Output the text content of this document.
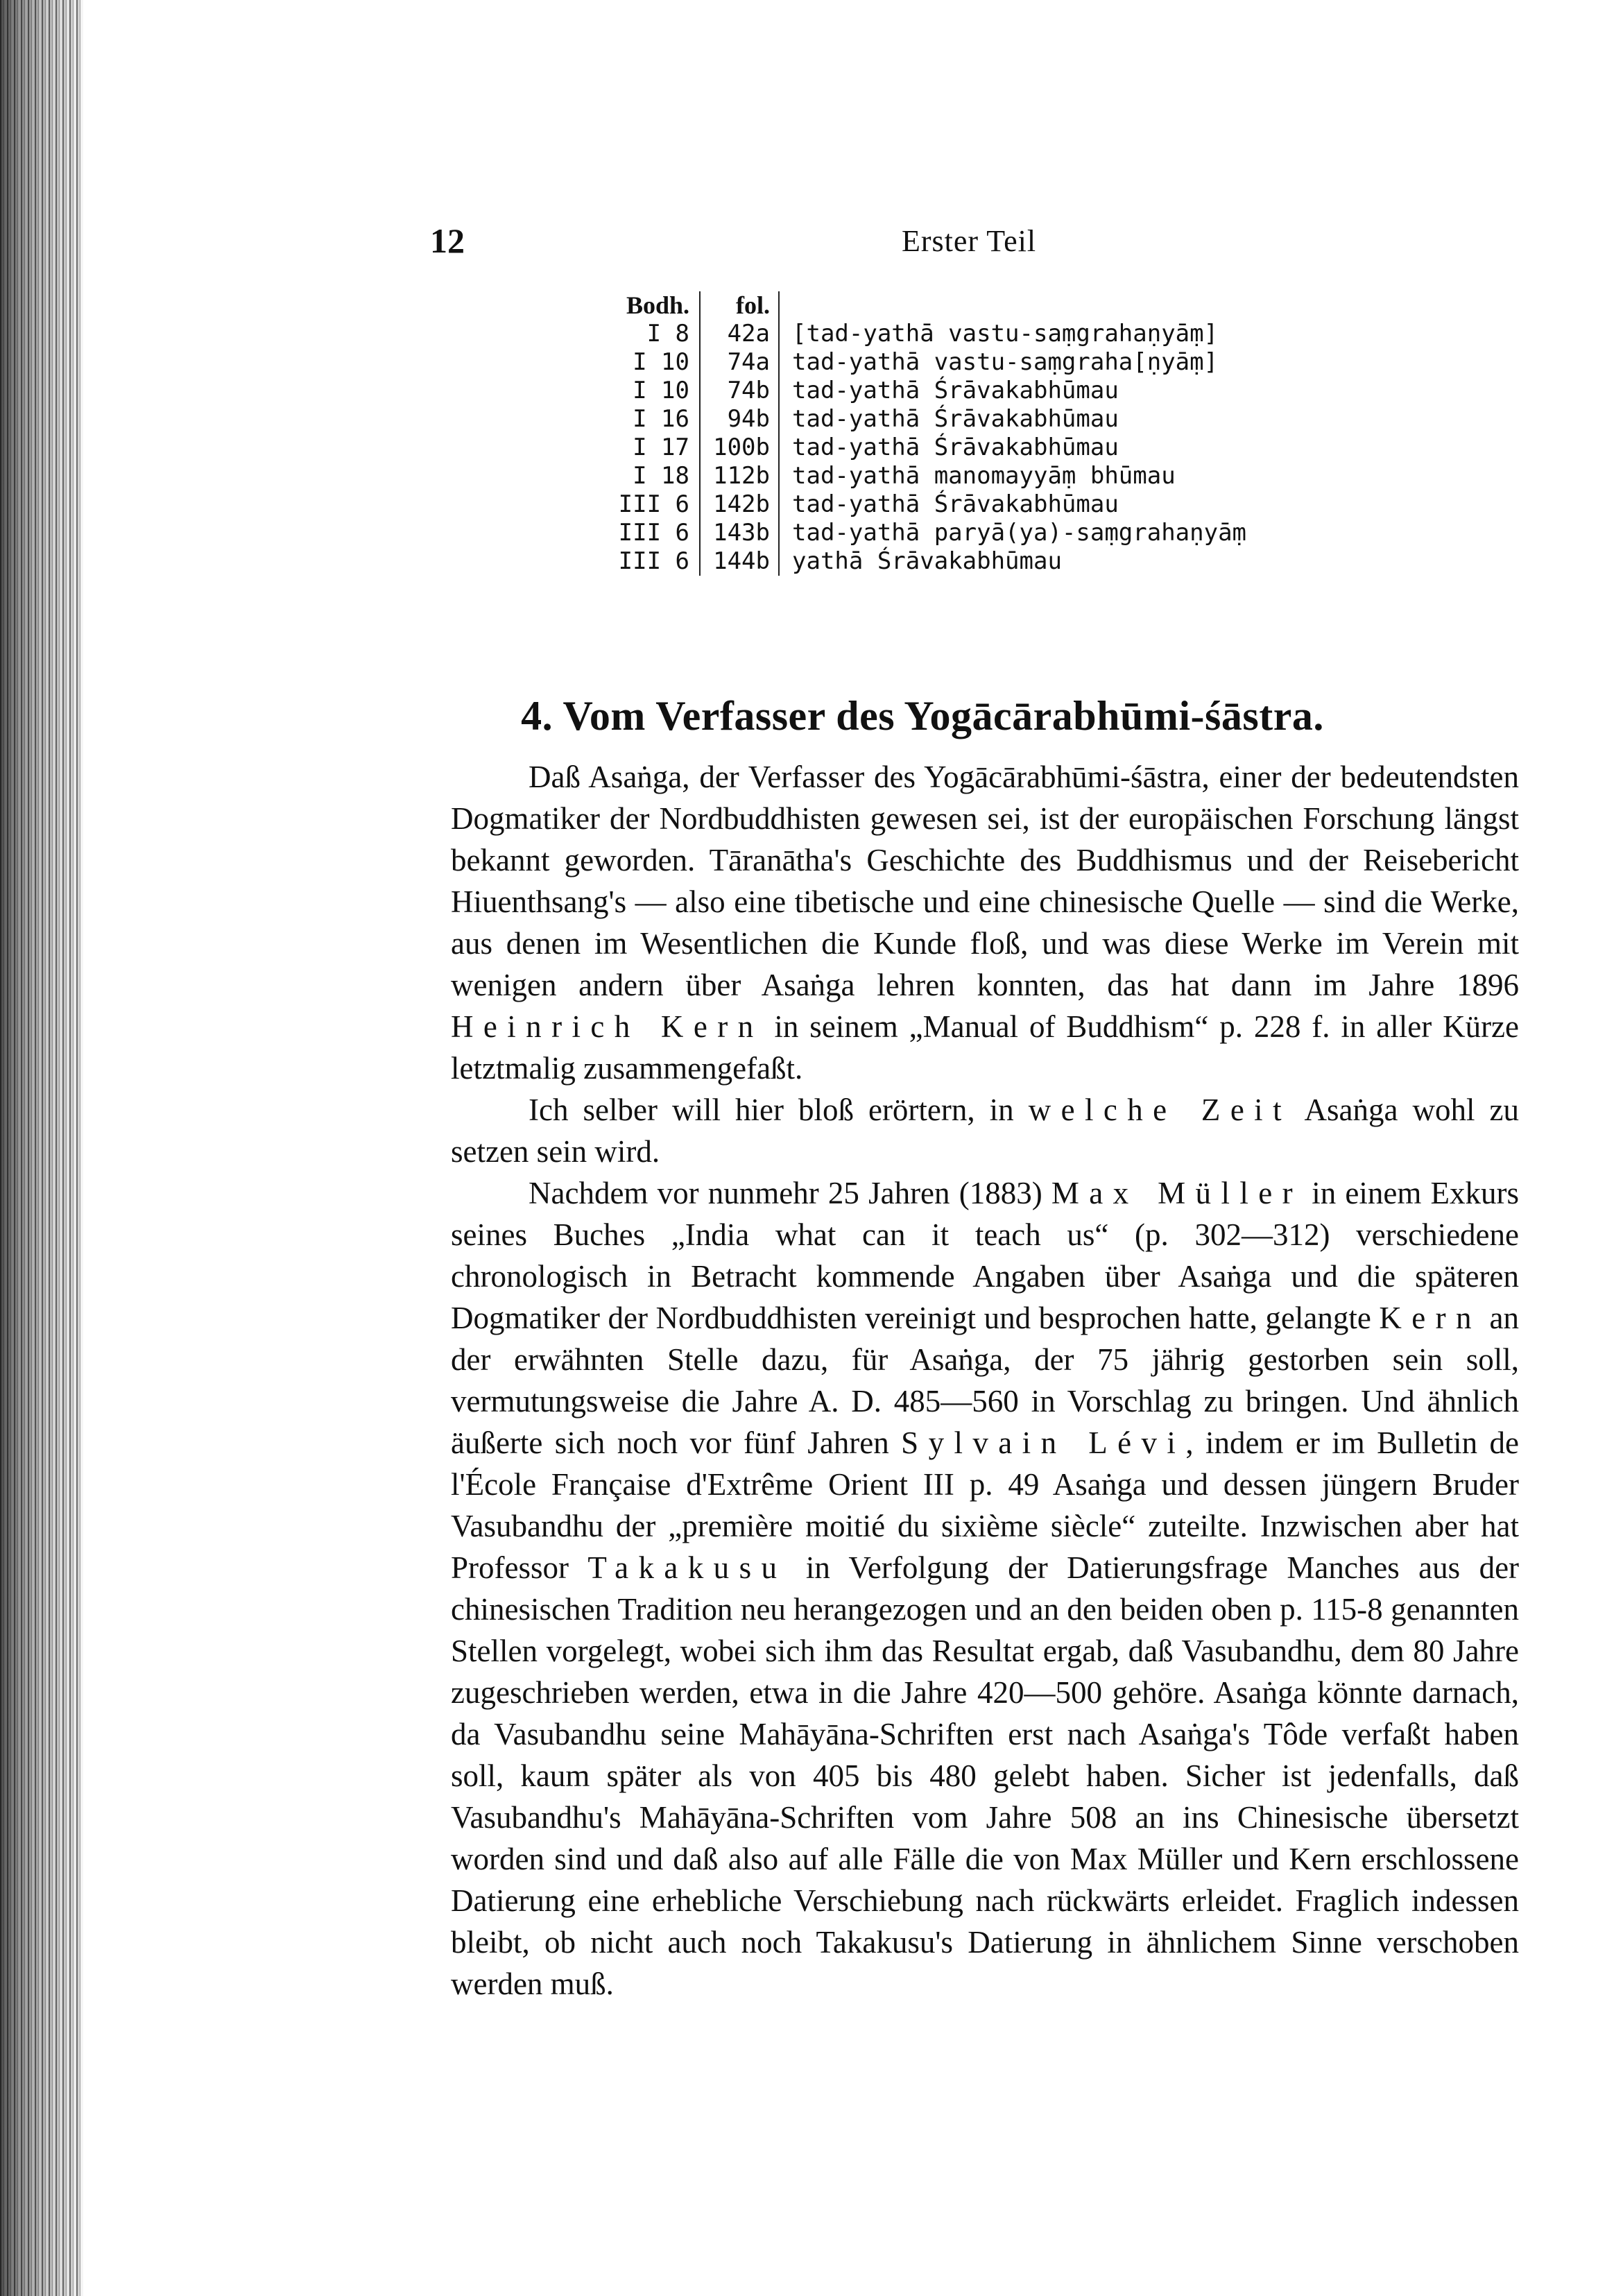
12	Erster Teil
Bodh.	fol.	
I 8	42a	[tad-yathā vastu-saṃgrahaṇyāṃ]
I 10	74a	tad-yathā vastu-saṃgraha[ṇyāṃ]
I 10	74b	tad-yathā Śrāvakabhūmau
I 16	94b	tad-yathā Śrāvakabhūmau
I 17	100b	tad-yathā Śrāvakabhūmau
I 18	112b	tad-yathā manomayyāṃ bhūmau
III 6	142b	tad-yathā Śrāvakabhūmau
III 6	143b	tad-yathā paryā(ya)-saṃgrahaṇyāṃ
III 6	144b	yathā Śrāvakabhūmau
4. Vom Verfasser des Yogācārabhūmi-śāstra.

Daß Asaṅga, der Verfasser des Yogācārabhūmi-śāstra, einer der bedeutendsten Dogmatiker der Nordbuddhisten gewesen sei, ist der europäischen Forschung längst bekannt geworden. Tāranātha's Geschichte des Buddhismus und der Reisebericht Hiuenthsang's — also eine tibetische und eine chinesische Quelle — sind die Werke, aus denen im Wesentlichen die Kunde floß, und was diese Werke im Verein mit wenigen andern über Asaṅga lehren konnten, das hat dann im Jahre 1896 Heinrich Kern in seinem „Manual of Buddhism“ p. 228 f. in aller Kürze letztmalig zusammengefaßt.

Ich selber will hier bloß erörtern, in welche Zeit Asaṅga wohl zu setzen sein wird.

Nachdem vor nunmehr 25 Jahren (1883) Max Müller in einem Exkurs seines Buches „India what can it teach us“ (p. 302—312) verschiedene chronologisch in Betracht kommende Angaben über Asaṅga und die späteren Dogmatiker der Nordbuddhisten vereinigt und besprochen hatte, gelangte Kern an der erwähnten Stelle dazu, für Asaṅga, der 75 jährig gestorben sein soll, vermutungsweise die Jahre A. D. 485—560 in Vorschlag zu bringen. Und ähnlich äußerte sich noch vor fünf Jahren Sylvain Lévi, indem er im Bulletin de l'École Française d'Extrême Orient III p. 49 Asaṅga und dessen jüngern Bruder Vasubandhu der „première moitié du sixième siècle“ zuteilte. Inzwischen aber hat Professor Takakusu in Verfolgung der Datierungsfrage Manches aus der chinesischen Tradition neu herangezogen und an den beiden oben p. 115-8 genannten Stellen vorgelegt, wobei sich ihm das Resultat ergab, daß Vasubandhu, dem 80 Jahre zugeschrieben werden, etwa in die Jahre 420—500 gehöre. Asaṅga könnte darnach, da Vasubandhu seine Mahāyāna-Schriften erst nach Asaṅga's Tôde verfaßt haben soll, kaum später als von 405 bis 480 gelebt haben. Sicher ist jedenfalls, daß Vasubandhu's Mahāyāna-Schriften vom Jahre 508 an ins Chinesische übersetzt worden sind und daß also auf alle Fälle die von Max Müller und Kern erschlossene Datierung eine erhebliche Verschiebung nach rückwärts erleidet. Fraglich indessen bleibt, ob nicht auch noch Takakusu's Datierung in ähnlichem Sinne verschoben werden muß.
